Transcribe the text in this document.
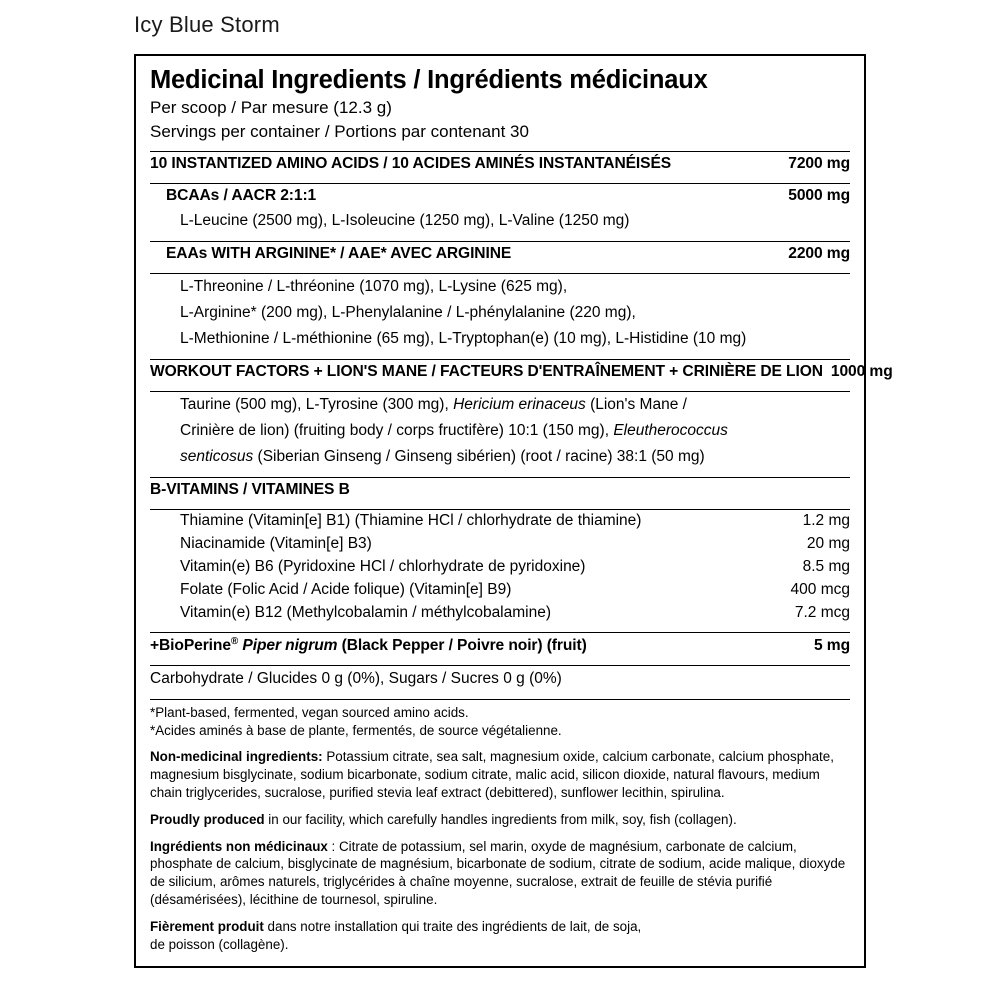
Icy Blue Storm
Medicinal Ingredients / Ingrédients médicinaux
Per scoop / Par mesure (12.3 g)
Servings per container / Portions par contenant 30
10 INSTANTIZED AMINO ACIDS / 10 ACIDES AMINÉS INSTANTANÉISÉS	7200 mg
BCAAs / AACR 2:1:1	5000 mg
L-Leucine (2500 mg), L-Isoleucine (1250 mg), L-Valine (1250 mg)
EAAs WITH ARGININE* / AAE* AVEC ARGININE	2200 mg
L-Threonine / L-thréonine (1070 mg), L-Lysine (625 mg),
L-Arginine* (200 mg), L-Phenylalanine / L-phénylalanine (220 mg),
L-Methionine / L-méthionine (65 mg), L-Tryptophan(e) (10 mg), L-Histidine (10 mg)
WORKOUT FACTORS + LION'S MANE / FACTEURS D'ENTRAÎNEMENT + CRINIÈRE DE LION 1000 mg
Taurine (500 mg), L-Tyrosine (300 mg), Hericium erinaceus (Lion's Mane /
Crinière de lion) (fruiting body / corps fructifère) 10:1 (150 mg), Eleutherococcus
senticosus (Siberian Ginseng / Ginseng sibérien) (root / racine) 38:1 (50 mg)
B-VITAMINS / VITAMINES B
Thiamine (Vitamin[e] B1) (Thiamine HCl / chlorhydrate de thiamine)	1.2 mg
Niacinamide (Vitamin[e] B3)	20 mg
Vitamin(e) B6 (Pyridoxine HCl / chlorhydrate de pyridoxine)	8.5 mg
Folate (Folic Acid / Acide folique) (Vitamin[e] B9)	400 mcg
Vitamin(e) B12 (Methylcobalamin / méthylcobalamine)	7.2 mcg
+BioPerine® Piper nigrum (Black Pepper / Poivre noir) (fruit)	5 mg
Carbohydrate / Glucides 0 g (0%), Sugars / Sucres 0 g (0%)

*Plant-based, fermented, vegan sourced amino acids.

*Acides aminés à base de plante, fermentés, de source végétalienne.

Non-medicinal ingredients: Potassium citrate, sea salt, magnesium oxide, calcium carbonate, calcium phosphate, magnesium bisglycinate, sodium bicarbonate, sodium citrate, malic acid, silicon dioxide, natural flavours, medium chain triglycerides, sucralose, purified stevia leaf extract (debittered), sunflower lecithin, spirulina.

Proudly produced in our facility, which carefully handles ingredients from milk, soy, fish (collagen).

Ingrédients non médicinaux : Citrate de potassium, sel marin, oxyde de magnésium, carbonate de calcium, phosphate de calcium, bisglycinate de magnésium, bicarbonate de sodium, citrate de sodium, acide malique, dioxyde de silicium, arômes naturels, triglycérides à chaîne moyenne, sucralose, extrait de feuille de stévia purifié (désamérisées), lécithine de tournesol, spiruline.

Fièrement produit dans notre installation qui traite des ingrédients de lait, de soja,

de poisson (collagène).
